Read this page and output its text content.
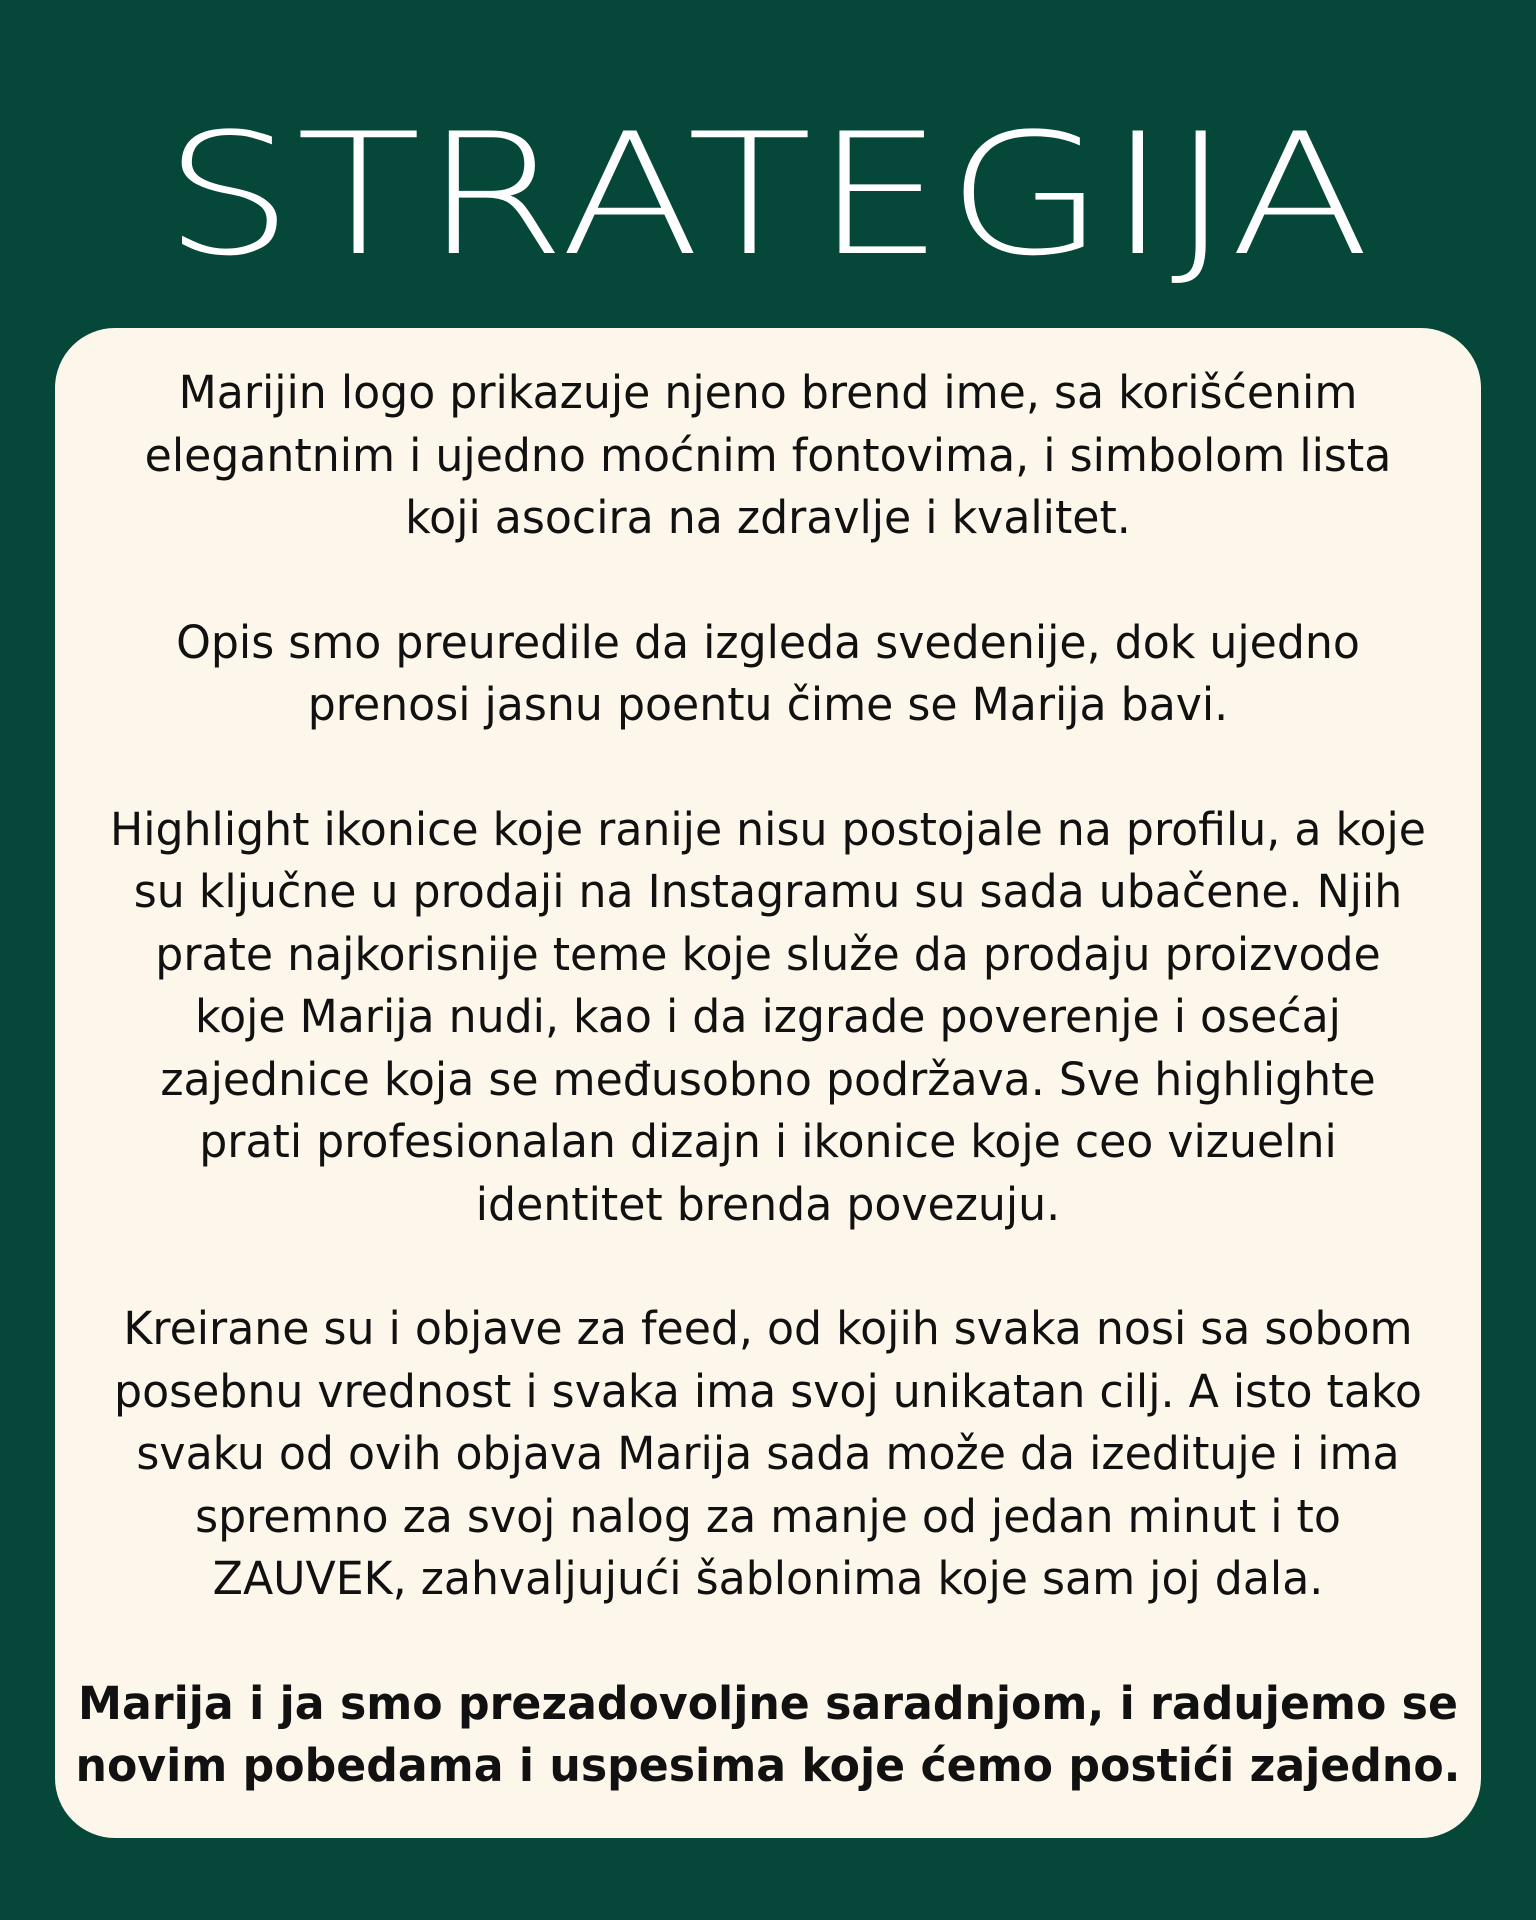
STRATEGIJA

Marijin logo prikazuje njeno brend ime, sa korišćenim
elegantnim i ujedno moćnim fontovima, i simbolom lista
koji asocira na zdravlje i kvalitet.

Opis smo preuredile da izgleda svedenije, dok ujedno
prenosi jasnu poentu čime se Marija bavi.

Highlight ikonice koje ranije nisu postojale na profilu, a koje
su ključne u prodaji na Instagramu su sada ubačene. Njih
prate najkorisnije teme koje služe da prodaju proizvode
koje Marija nudi, kao i da izgrade poverenje i osećaj
zajednice koja se međusobno podržava. Sve highlighte
prati profesionalan dizajn i ikonice koje ceo vizuelni
identitet brenda povezuju.

Kreirane su i objave za feed, od kojih svaka nosi sa sobom
posebnu vrednost i svaka ima svoj unikatan cilj. A isto tako
svaku od ovih objava Marija sada može da izedituje i ima
spremno za svoj nalog za manje od jedan minut i to
ZAUVEK, zahvaljujući šablonima koje sam joj dala.

Marija i ja smo prezadovoljne saradnjom, i radujemo se
novim pobedama i uspesima koje ćemo postići zajedno.
